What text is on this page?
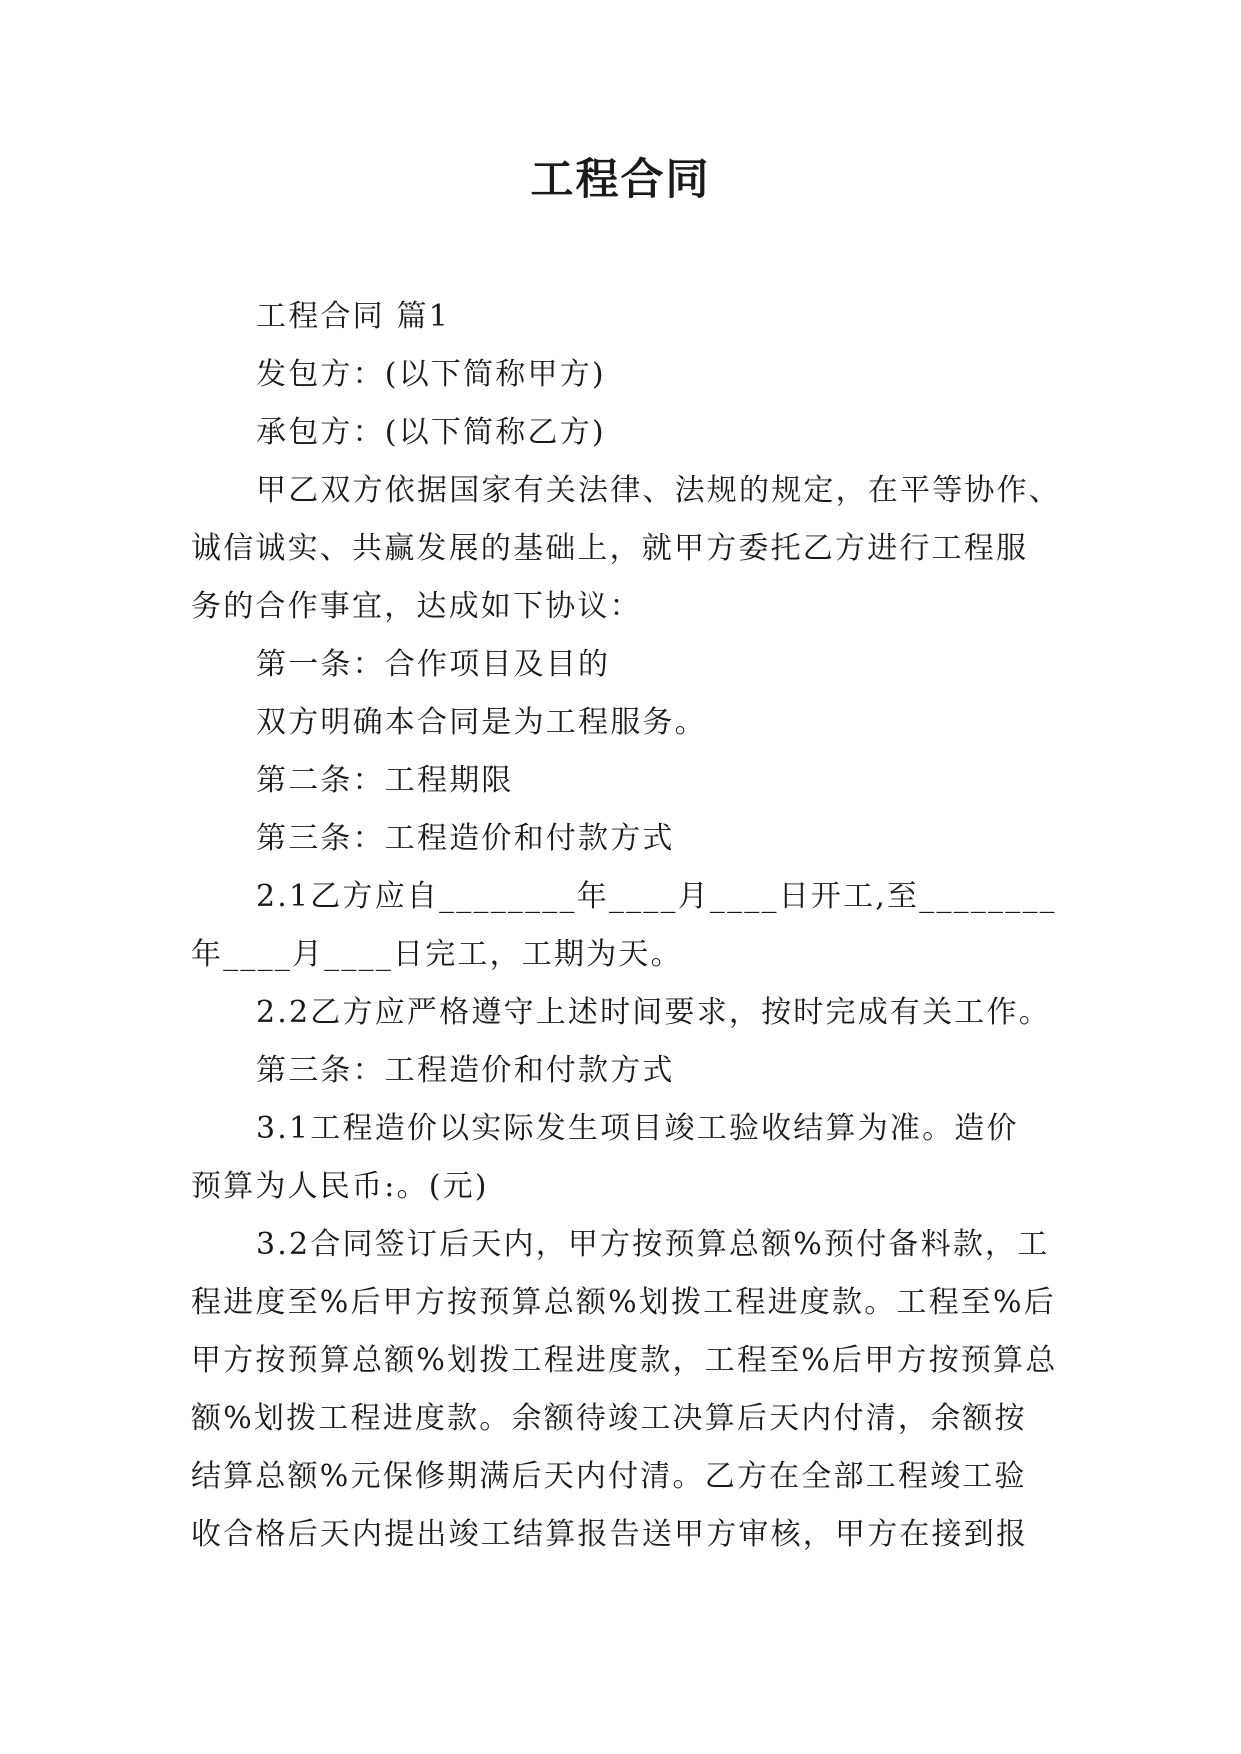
工程合同

工程合同 篇1

发包方：(以下简称甲方)

承包方：(以下简称乙方)

甲乙双方依据国家有关法律、法规的规定，在平等协作、

诚信诚实、共赢发展的基础上，就甲方委托乙方进行工程服

务的合作事宜，达成如下协议：

第一条：合作项目及目的

双方明确本合同是为工程服务。

第二条：工程期限

第三条：工程造价和付款方式

2.1乙方应自________年____月____日开工,至________

年____月____日完工，工期为天。

2.2乙方应严格遵守上述时间要求，按时完成有关工作。

第三条：工程造价和付款方式

3.1工程造价以实际发生项目竣工验收结算为准。造价

预算为人民币:。(元)

3.2合同签订后天内，甲方按预算总额%预付备料款，工

程进度至%后甲方按预算总额%划拨工程进度款。工程至%后

甲方按预算总额%划拨工程进度款，工程至%后甲方按预算总

额%划拨工程进度款。余额待竣工决算后天内付清，余额按

结算总额%元保修期满后天内付清。乙方在全部工程竣工验

收合格后天内提出竣工结算报告送甲方审核，甲方在接到报
